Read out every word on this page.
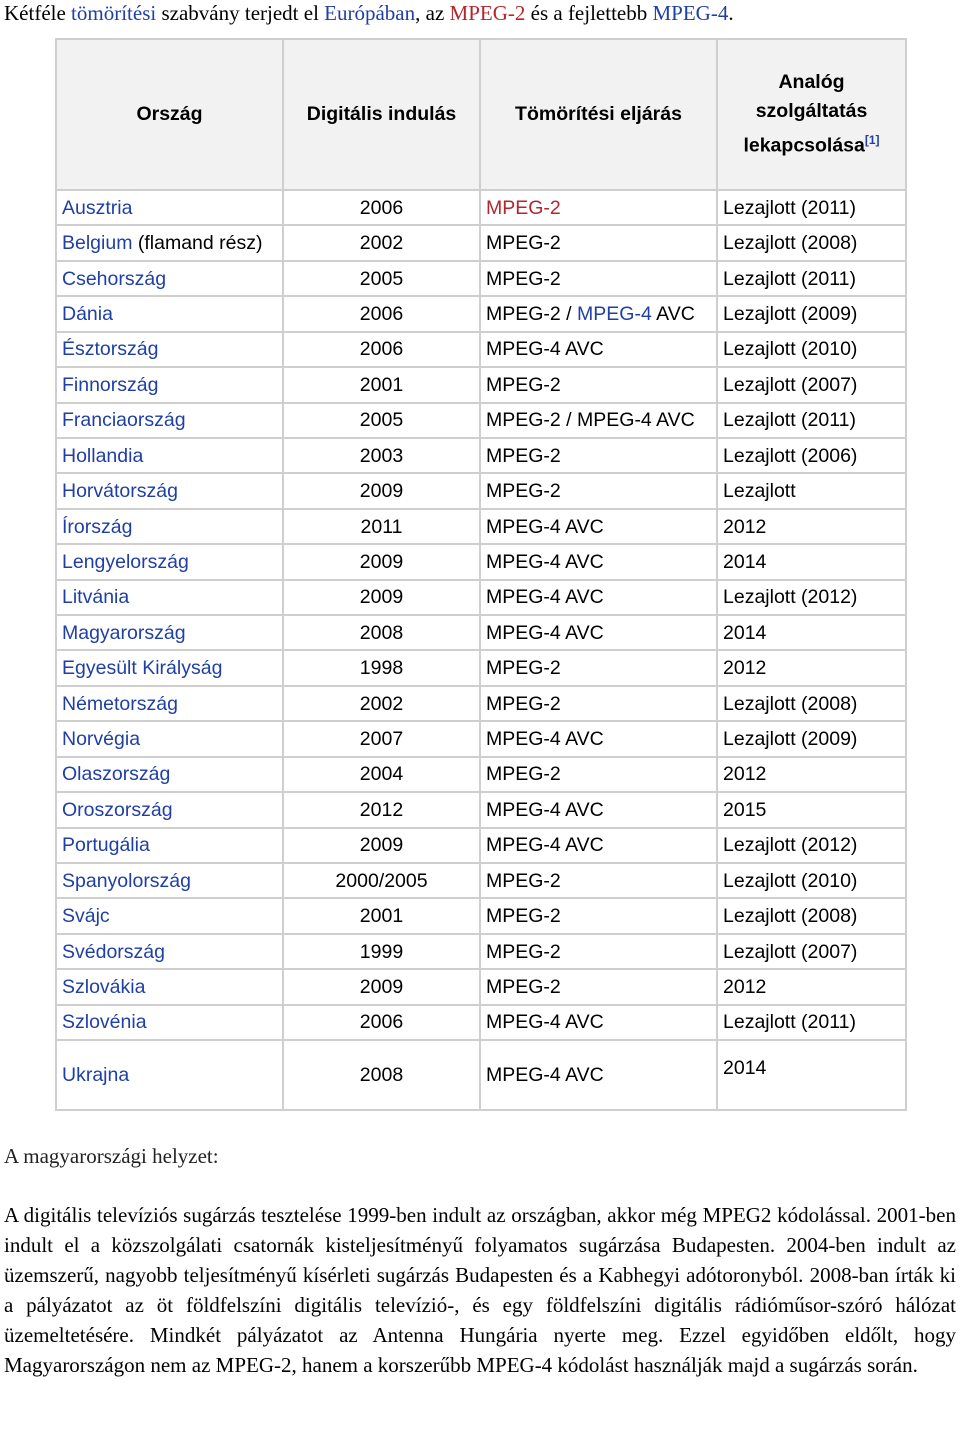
Kétféle tömörítési szabvány terjedt el Európában, az MPEG-2 és a fejlettebb MPEG-4.
Ország	Digitális indulás	Tömörítési eljárás	Analóg
szolgáltatás
lekapcsolása[1]
Ausztria	2006	MPEG-2	Lezajlott (2011)
Belgium (flamand rész)	2002	MPEG-2	Lezajlott (2008)
Csehország	2005	MPEG-2	Lezajlott (2011)
Dánia	2006	MPEG-2 / MPEG-4 AVC	Lezajlott (2009)
Észtország	2006	MPEG-4 AVC	Lezajlott (2010)
Finnország	2001	MPEG-2	Lezajlott (2007)
Franciaország	2005	MPEG-2 / MPEG-4 AVC	Lezajlott (2011)
Hollandia	2003	MPEG-2	Lezajlott (2006)
Horvátország	2009	MPEG-2	Lezajlott
Írország	2011	MPEG-4 AVC	2012
Lengyelország	2009	MPEG-4 AVC	2014
Litvánia	2009	MPEG-4 AVC	Lezajlott (2012)
Magyarország	2008	MPEG-4 AVC	2014
Egyesült Királyság	1998	MPEG-2	2012
Németország	2002	MPEG-2	Lezajlott (2008)
Norvégia	2007	MPEG-4 AVC	Lezajlott (2009)
Olaszország	2004	MPEG-2	2012
Oroszország	2012	MPEG-4 AVC	2015
Portugália	2009	MPEG-4 AVC	Lezajlott (2012)
Spanyolország	2000/2005	MPEG-2	Lezajlott (2010)
Svájc	2001	MPEG-2	Lezajlott (2008)
Svédország	1999	MPEG-2	Lezajlott (2007)
Szlovákia	2009	MPEG-2	2012
Szlovénia	2006	MPEG-4 AVC	Lezajlott (2011)
Ukrajna	2008	MPEG-4 AVC	2014
A magyarországi helyzet:

A digitális televíziós sugárzás tesztelése 1999-ben indult az országban, akkor még MPEG2 kódolással. 2001-ben indult el a közszolgálati csatornák kisteljesítményű folyamatos sugárzása Budapesten. 2004-ben indult az üzemszerű, nagyobb teljesítményű kísérleti sugárzás Budapesten és a Kabhegyi adótoronyból. 2008-ban írták ki a pályázatot az öt földfelszíni digitális televízió-, és egy földfelszíni digitális rádióműsor-szóró hálózat üzemeltetésére. Mindkét pályázatot az Antenna Hungária nyerte meg. Ezzel egyidőben eldőlt, hogy Magyarországon nem az MPEG-2, hanem a korszerűbb MPEG-4 kódolást használják majd a sugárzás során.
